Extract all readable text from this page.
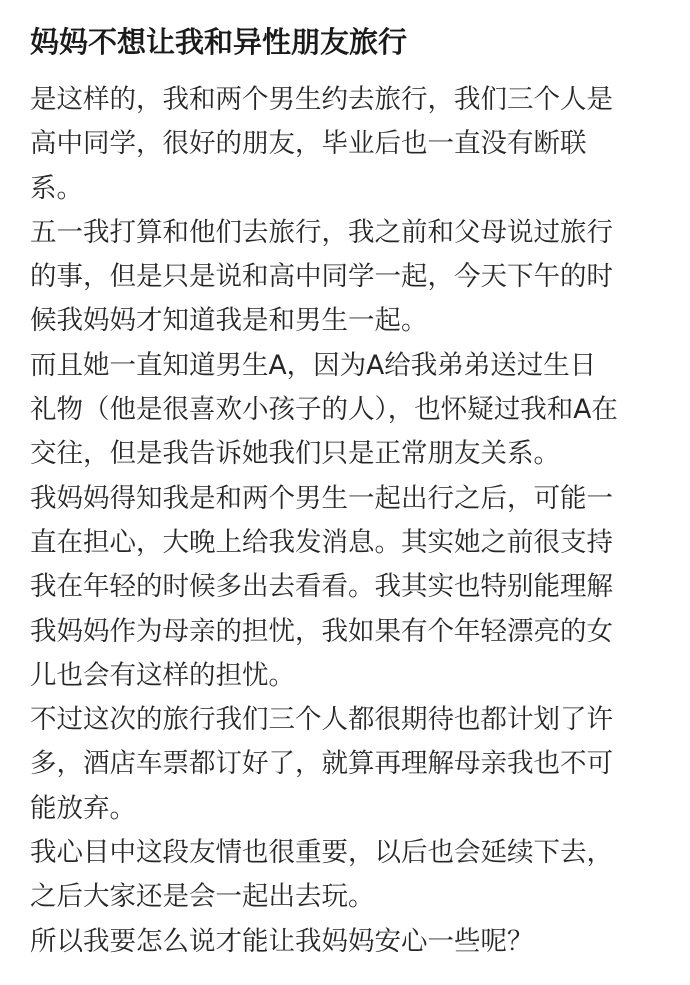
妈妈不想让我和异性朋友旅行

是这样的，我和两个男生约去旅行，我们三个人是
高中同学，很好的朋友，毕业后也一直没有断联
系。

五一我打算和他们去旅行，我之前和父母说过旅行
的事，但是只是说和高中同学一起，今天下午的时
候我妈妈才知道我是和男生一起。

而且她一直知道男生A，因为A给我弟弟送过生日
礼物（他是很喜欢小孩子的人），也怀疑过我和A在
交往，但是我告诉她我们只是正常朋友关系。

我妈妈得知我是和两个男生一起出行之后，可能一
直在担心，大晚上给我发消息。其实她之前很支持
我在年轻的时候多出去看看。我其实也特别能理解
我妈妈作为母亲的担忧，我如果有个年轻漂亮的女
儿也会有这样的担忧。

不过这次的旅行我们三个人都很期待也都计划了许
多，酒店车票都订好了，就算再理解母亲我也不可
能放弃。

我心目中这段友情也很重要，以后也会延续下去，
之后大家还是会一起出去玩。

所以我要怎么说才能让我妈妈安心一些呢？
